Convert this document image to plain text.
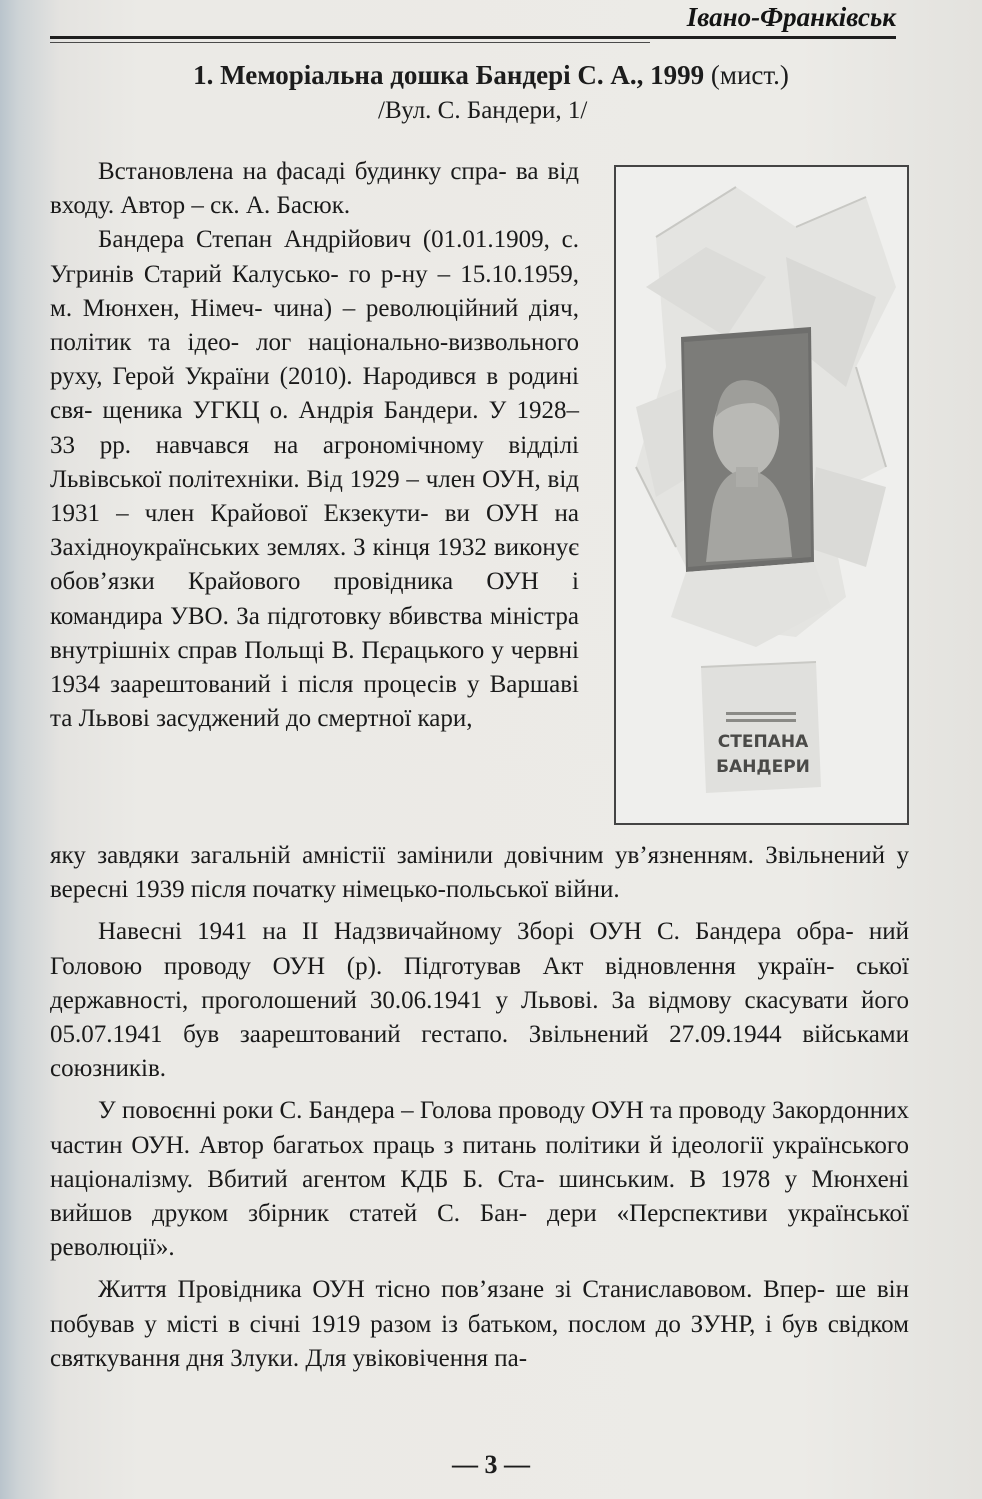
Івано-Франківськ
1. Меморіальна дошка Бандері С. А., 1999 (мист.)
/Вул. С. Бандери, 1/

Встановлена на фасаді будинку спра- ва від входу. Автор – ск. А. Басюк.

Бандера Степан Андрійович (01.01.1909, с. Угринів Старий Калусько- го р-ну – 15.10.1959, м. Мюнхен, Німеч- чина) – революційний діяч, політик та ідео- лог національно-визвольного руху, Герой України (2010). Народився в родині свя- щеника УГКЦ о. Андрія Бандери. У 1928– 33 рр. навчався на агрономічному відділі Львівської політехніки. Від 1929 – член ОУН, від 1931 – член Крайової Екзекути- ви ОУН на Західноукраїнських землях. З кінця 1932 виконує обов’язки Крайового провідника ОУН і командира УВО. За підготовку вбивства міністра внутрішніх справ Польщі В. Пєрацького у червні 1934 заарештований і після процесів у Варшаві та Львові засуджений до смертної кари,

СТЕПАНА
БАНДЕРИ

яку завдяки загальній амністії замінили довічним ув’язненням. Звільнений у вересні 1939 після початку німецько-польської війни.

Навесні 1941 на II Надзвичайному Зборі ОУН С. Бандера обра- ний Головою проводу ОУН (р). Підготував Акт відновлення україн- ської державності, проголошений 30.06.1941 у Львові. За відмову скасувати його 05.07.1941 був заарештований гестапо. Звільнений 27.09.1944 військами союзників.

У повоєнні роки С. Бандера – Голова проводу ОУН та проводу Закордонних частин ОУН. Автор багатьох праць з питань політики й ідеології українського націоналізму. Вбитий агентом КДБ Б. Ста- шинським. В 1978 у Мюнхені вийшов друком збірник статей С. Бан- дери «Перспективи української революції».

Життя Провідника ОУН тісно пов’язане зі Станиславовом. Впер- ше він побував у місті в січні 1919 разом із батьком, послом до ЗУНР, і був свідком святкування дня Злуки. Для увіковічення па-

— 3 —
